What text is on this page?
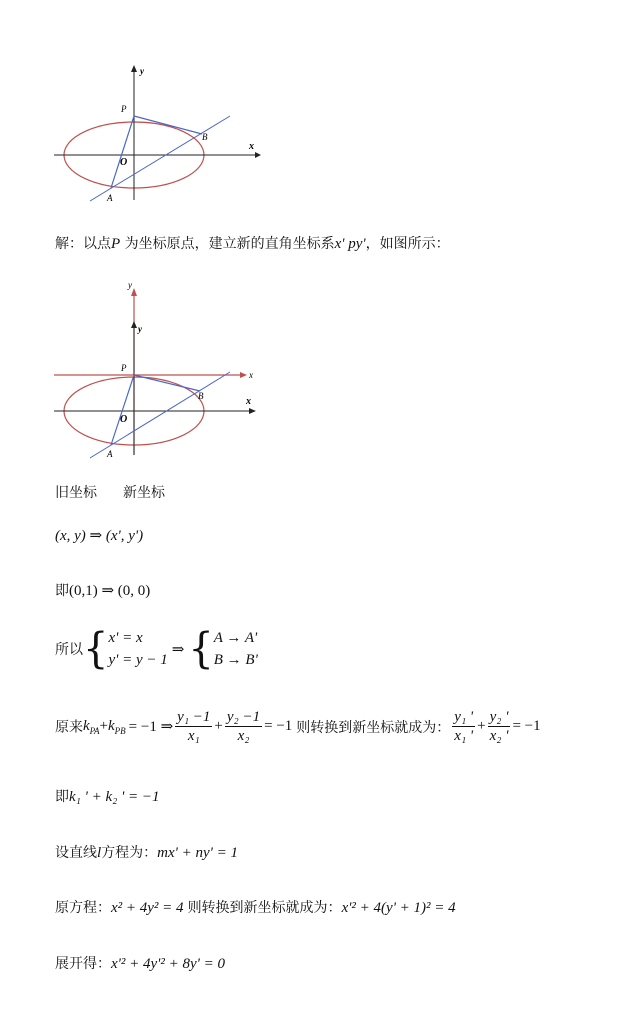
y
x
P
B
O
A
解：以点P 为坐标原点，建立新的直角坐标系x' py'，如图所示：
y
y
x
x
P
B
O
A
旧坐标 新坐标
(x, y) ⇒ (x', y')
即(0,1) ⇒ (0, 0)
所以{ x' = x
y' = y − 1
⇒ { A → A'
B → B'
原来$k_{PA}+k_{PB} = -1$ ⇒ $\frac{\text{y₁ −1}}{\text{x₁}} + \frac{\text{y₂ −1}}{\text{x₂}} = -1$ 则转换到新坐标就成为： $\frac{\text{y₁ '}}{\text{x₁ '}} + \frac{\text{y₂ '}}{\text{x₂ '}} = -1$
即k₁ ' + k₂ ' = −1
设直线l方程为：mx' + ny' = 1
原方程：x² + 4y² = 4 则转换到新坐标就成为：x'² + 4(y' + 1)² = 4
展开得：x'² + 4y'² + 8y' = 0
